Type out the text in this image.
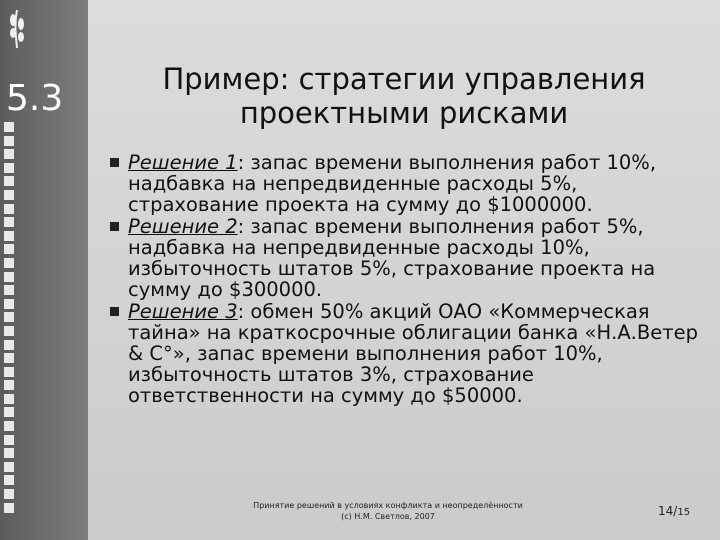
5.3	Пример: стратегии управления
проектными рисками
Решение 1: запас времени выполнения работ 10%, надбавка на непредвиденные расходы 5%, страхование проекта на сумму до $1000000.
Решение 2: запас времени выполнения работ 5%, надбавка на непредвиденные расходы 10%, избыточность штатов 5%, страхование проекта на сумму до $300000.
Решение 3: обмен 50% акций ОАО «Коммерческая тайна» на краткосрочные облигации банка «Н.А.Ветер & С°», запас времени выполнения работ 10%, избыточность штатов 3%, страхование ответственности на сумму до $50000.
Принятие решений в условиях конфликта и неопределённости
(c) Н.М. Светлов, 2007	14/15
